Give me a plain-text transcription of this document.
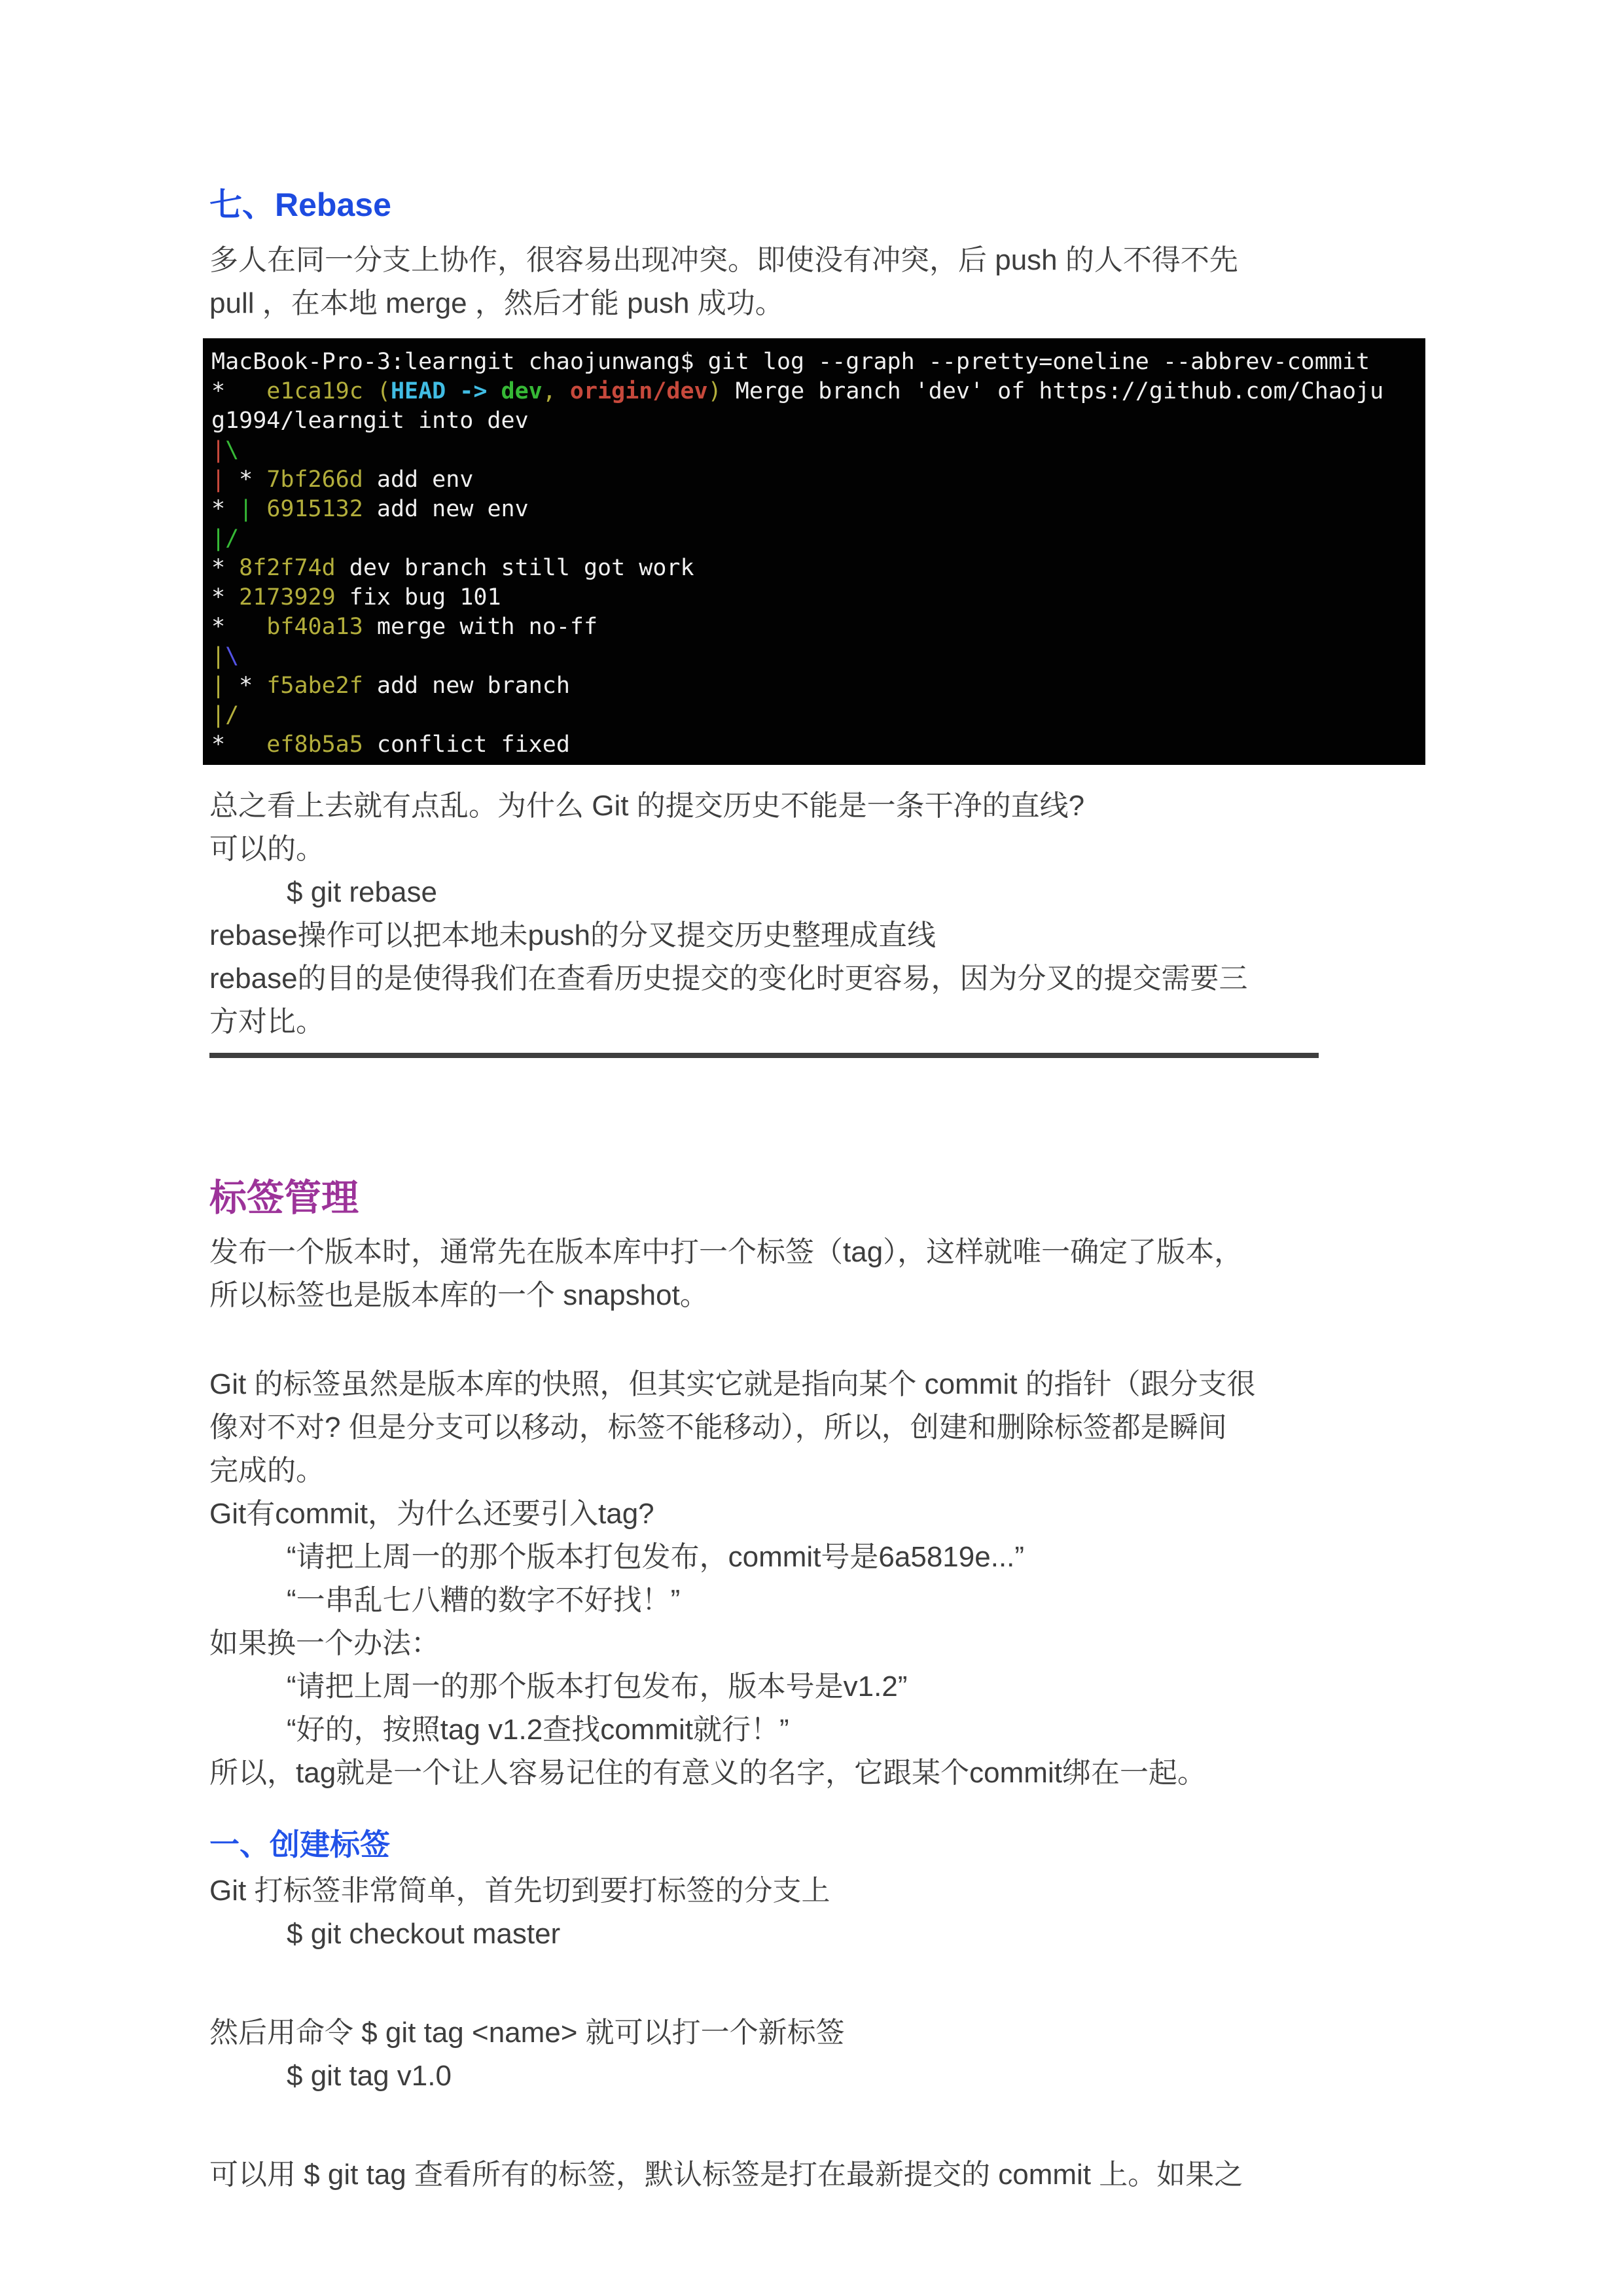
七、Rebase
多人在同一分支上协作，很容易出现冲突。即使没有冲突，后 push 的人不得不先
pull ，在本地 merge ，然后才能 push 成功。
MacBook-Pro-3:learngit chaojunwang$ git log --graph --pretty=oneline --abbrev-commit
*   e1ca19c (HEAD -> dev, origin/dev) Merge branch 'dev' of https://github.com/Chaoju
g1994/learngit into dev
|\
| * 7bf266d add env
* | 6915132 add new env
|/
* 8f2f74d dev branch still got work
* 2173929 fix bug 101
*   bf40a13 merge with no-ff
|\
| * f5abe2f add new branch
|/
*   ef8b5a5 conflict fixed
总之看上去就有点乱。为什么 Git 的提交历史不能是一条干净的直线?
可以的。
$ git rebase
rebase操作可以把本地未push的分叉提交历史整理成直线
rebase的目的是使得我们在查看历史提交的变化时更容易，因为分叉的提交需要三
方对比。
标签管理
发布一个版本时，通常先在版本库中打一个标签（tag），这样就唯一确定了版本，
所以标签也是版本库的一个 snapshot。
Git 的标签虽然是版本库的快照，但其实它就是指向某个 commit 的指针（跟分支很
像对不对? 但是分支可以移动，标签不能移动），所以，创建和删除标签都是瞬间
完成的。
Git有commit，为什么还要引入tag?
“请把上周一的那个版本打包发布，commit号是6a5819e...”
“一串乱七八糟的数字不好找！”
如果换一个办法：
“请把上周一的那个版本打包发布，版本号是v1.2”
“好的，按照tag v1.2查找commit就行！”
所以，tag就是一个让人容易记住的有意义的名字，它跟某个commit绑在一起。
一、创建标签
Git 打标签非常简单，首先切到要打标签的分支上
$ git checkout master
然后用命令 $ git tag <name> 就可以打一个新标签
$ git tag v1.0
可以用 $ git tag 查看所有的标签，默认标签是打在最新提交的 commit 上。如果之
